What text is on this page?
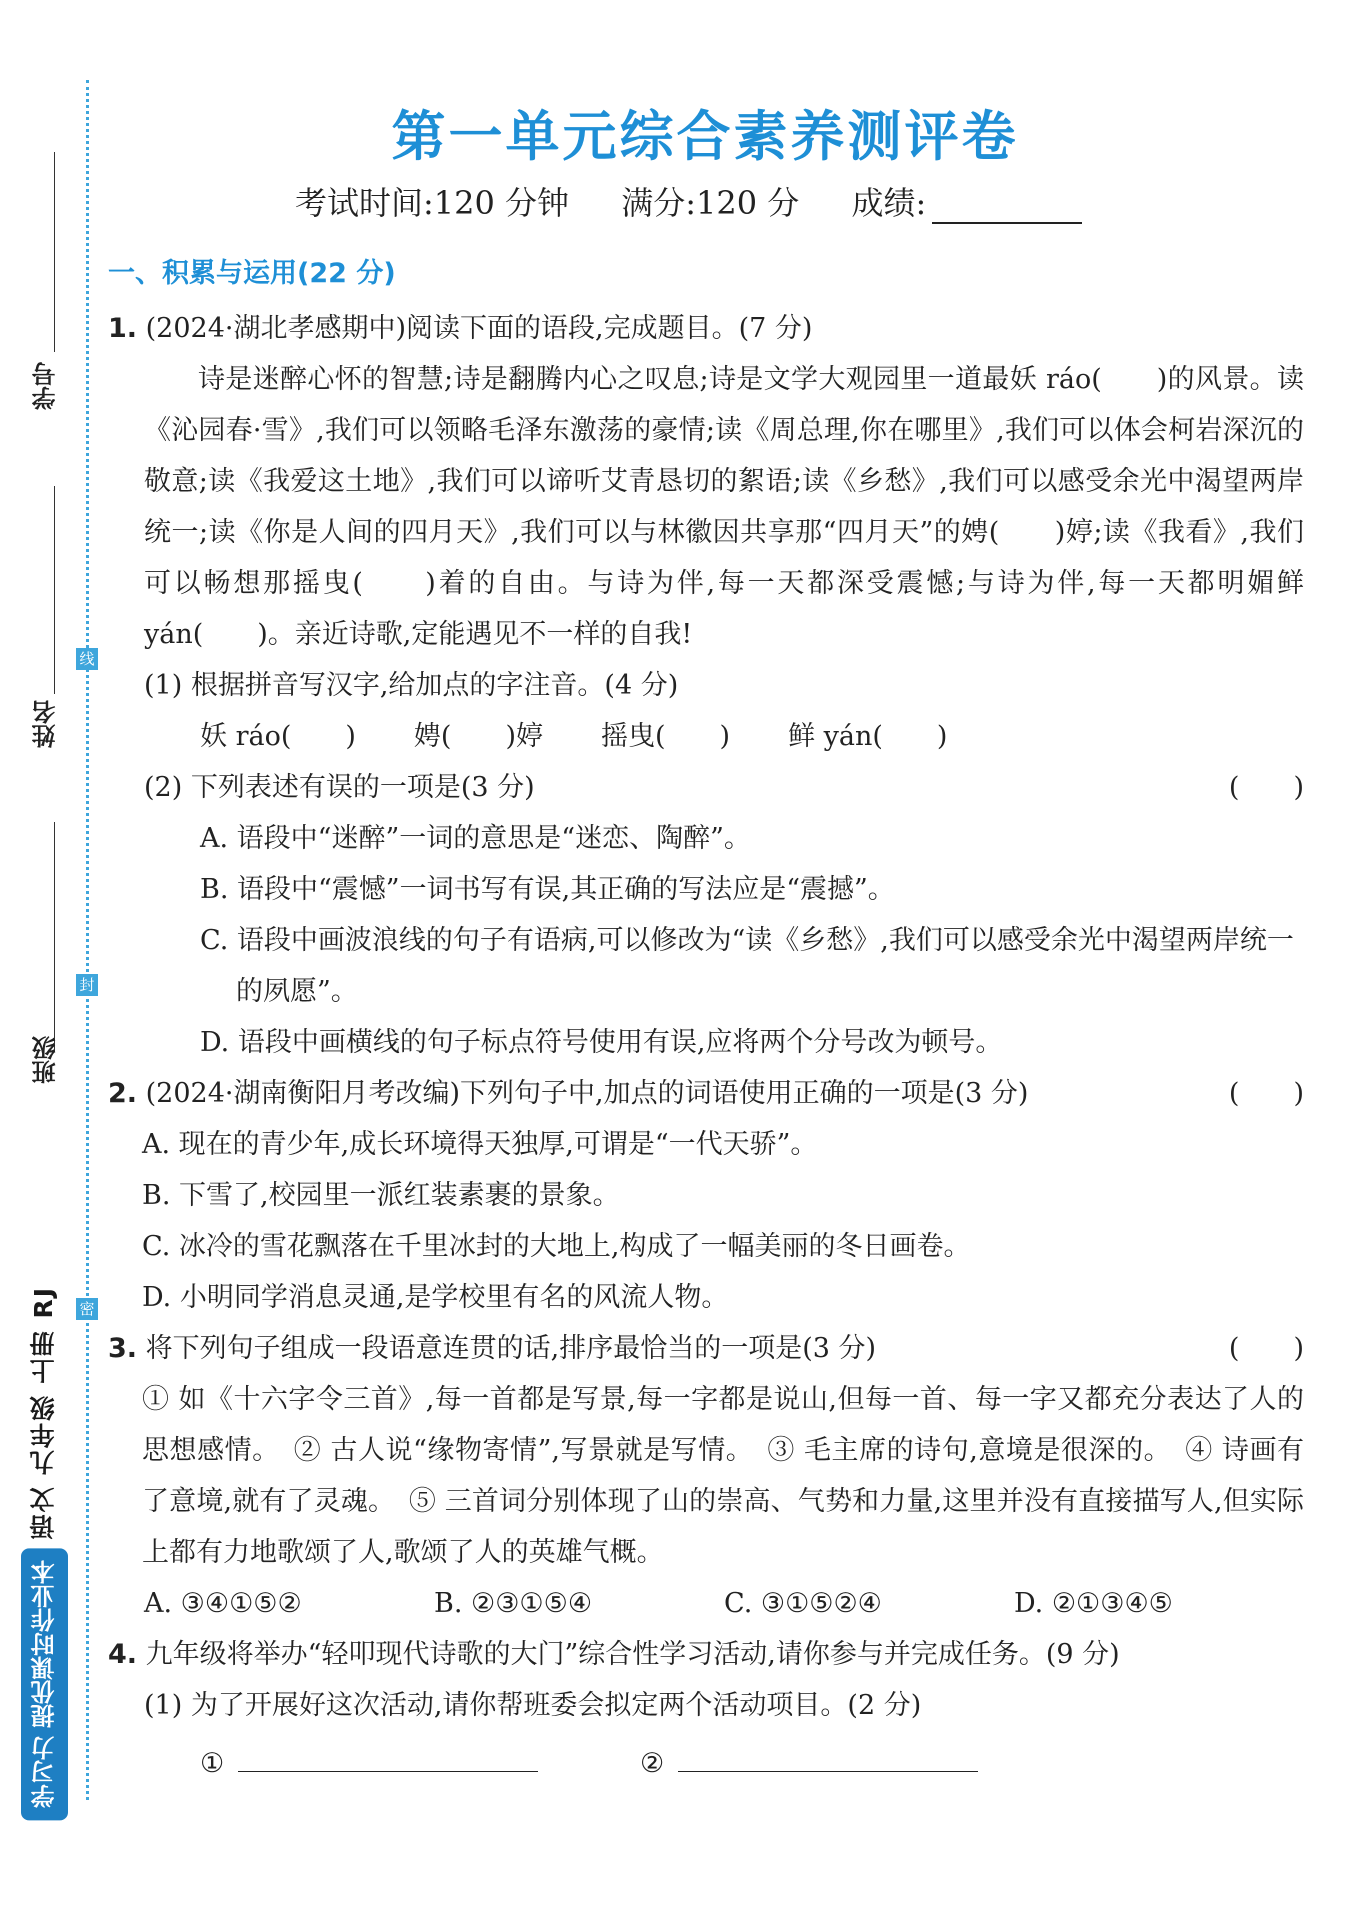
线
封
密
学号
姓名
班级
学习力 提优课时作业本
语文 九年级 上册 RJ
第一单元综合素养测评卷
考试时间:120 分钟 满分:120 分 成绩:
一、积累与运用(22 分)
1. (2024·湖北孝感期中)阅读下面的语段,完成题目。(7 分)

诗是迷醉心怀的智慧;诗是翻腾内心之叹息;诗是文学大观园里一道最妖 ráo(　　)的风景。读《沁园春·雪》,我们可以领略毛泽东激荡的豪情;读《周总理,你在哪里》,我们可以体会柯岩深沉的敬意;读《我爱这土地》,我们可以谛听艾青恳切的絮语;读《乡愁》,我们可以感受余光中渴望两岸统一;读《你是人间的四月天》,我们可以与林徽因共享那“四月天”的娉(　　)婷;读《我看》,我们可以畅想那摇曳(　　)着的自由。与诗为伴,每一天都深受震憾;与诗为伴,每一天都明媚鲜 yán(　　)。亲近诗歌,定能遇见不一样的自我!

(1) 根据拼音写汉字,给加点的字注音。(4 分)
妖 ráo(　　) 娉(　　)婷 摇曳(　　) 鲜 yán(　　)
(2) 下列表述有误的一项是(3 分)	(　　)
A. 语段中“迷醉”一词的意思是“迷恋、陶醉”。
B. 语段中“震憾”一词书写有误,其正确的写法应是“震撼”。
C. 语段中画波浪线的句子有语病,可以修改为“读《乡愁》,我们可以感受余光中渴望两岸统一的夙愿”。
D. 语段中画横线的句子标点符号使用有误,应将两个分号改为顿号。
2. (2024·湖南衡阳月考改编)下列句子中,加点的词语使用正确的一项是(3 分)	(　　)
A. 现在的青少年,成长环境得天独厚,可谓是“一代天骄”。
B. 下雪了,校园里一派红装素裹的景象。
C. 冰冷的雪花飘落在千里冰封的大地上,构成了一幅美丽的冬日画卷。
D. 小明同学消息灵通,是学校里有名的风流人物。
3. 将下列句子组成一段语意连贯的话,排序最恰当的一项是(3 分)	(　　)
① 如《十六字令三首》,每一首都是写景,每一字都是说山,但每一首、每一字又都充分表达了人的思想感情。　② 古人说“缘物寄情”,写景就是写情。　③ 毛主席的诗句,意境是很深的。　④ 诗画有了意境,就有了灵魂。　⑤ 三首词分别体现了山的崇高、气势和力量,这里并没有直接描写人,但实际上都有力地歌颂了人,歌颂了人的英雄气概。
A. ③④①⑤②	B. ②③①⑤④	C. ③①⑤②④	D. ②①③④⑤
4. 九年级将举办“轻叩现代诗歌的大门”综合性学习活动,请你参与并完成任务。(9 分)
(1) 为了开展好这次活动,请你帮班委会拟定两个活动项目。(2 分)
①	②
